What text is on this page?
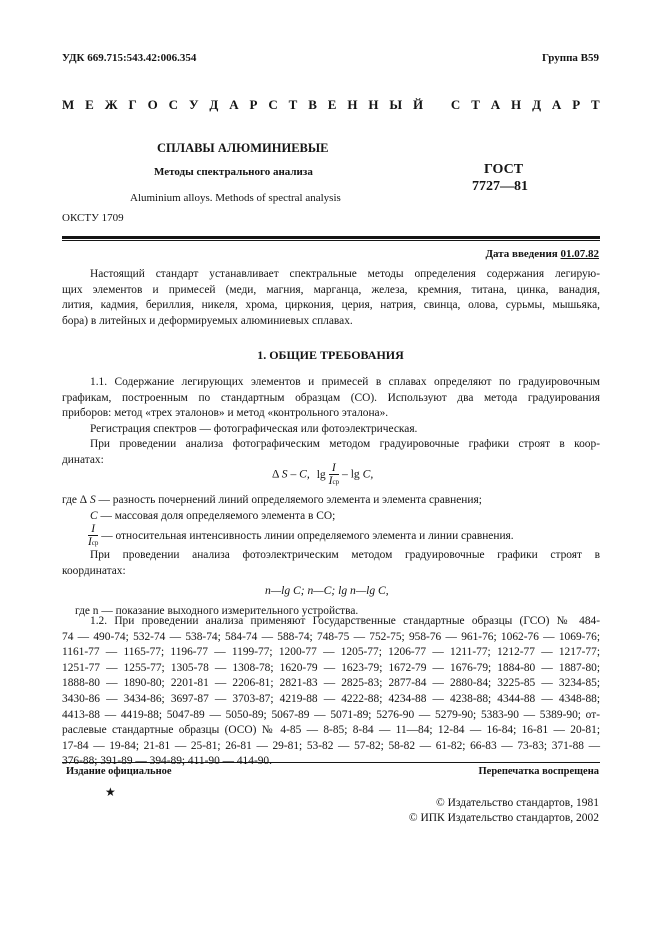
УДК 669.715:543.42:006.354	Группа В59
М Е Ж Г О С У Д А Р С Т В Е Н Н Ы Й С Т А Н Д А Р Т
СПЛАВЫ АЛЮМИНИЕВЫЕ
Методы спектрального анализа
Aluminium alloys. Methods of spectral analysis
ГОСТ
7727—81
ОКСТУ 1709
Дата введения 01.07.82
Настоящий стандарт устанавливает спектральные методы определения содержания легирую-
щих элементов и примесей (меди, магния, марганца, железа, кремния, титана, цинка, ванадия,
лития, кадмия, бериллия, никеля, хрома, циркония, церия, натрия, свинца, олова, сурьмы, мышьяка,
бора) в литейных и деформируемых алюминиевых сплавах.
1. ОБЩИЕ ТРЕБОВАНИЯ
1.1. Содержание легирующих элементов и примесей в сплавах определяют по градуировочным
графикам, построенным по стандартным образцам (СО). Используют два метода градуирования
приборов: метод «трех эталонов» и метод «контрольного эталона».
Регистрация спектров — фотографическая или фотоэлектрическая.
При проведении анализа фотографическим методом градуировочные графики строят в коор-
динатах:
Δ S – C, $\lg \frac{I}{\text{Iср}}$ – lg C,
где Δ S — разность почернений линий определяемого элемента и элемента сравнения;
C — массовая доля определяемого элемента в СО;
$\frac{I}{\text{Iср}}$ — относительная интенсивность линии определяемого элемента и линии сравнения.
При проведении анализа фотоэлектрическим методом градуировочные графики строят в
координатах:
n—lg C; n—C; lg n—lg C,
где n — показание выходного измерительного устройства.
1.2. При проведении анализа применяют Государственные стандартные образцы (ГСО) № 484-
74 — 490-74; 532-74 — 538-74; 584-74 — 588-74; 748-75 — 752-75; 958-76 — 961-76; 1062-76 — 1069-76;
1161-77 — 1165-77; 1196-77 — 1199-77; 1200-77 — 1205-77; 1206-77 — 1211-77; 1212-77 — 1217-77;
1251-77 — 1255-77; 1305-78 — 1308-78; 1620-79 — 1623-79; 1672-79 — 1676-79; 1884-80 — 1887-80;
1888-80 — 1890-80; 2201-81 — 2206-81; 2821-83 — 2825-83; 2877-84 — 2880-84; 3225-85 — 3234-85;
3430-86 — 3434-86; 3697-87 — 3703-87; 4219-88 — 4222-88; 4234-88 — 4238-88; 4344-88 — 4348-88;
4413-88 — 4419-88; 5047-89 — 5050-89; 5067-89 — 5071-89; 5276-90 — 5279-90; 5383-90 — 5389-90; от-
раслевые стандартные образцы (ОСО) № 4-85 — 8-85; 8-84 — 11—84; 12-84 — 16-84; 16-81 — 20-81;
17-84 — 19-84; 21-81 — 25-81; 26-81 — 29-81; 53-82 — 57-82; 58-82 — 61-82; 66-83 — 73-83; 371-88 —
Издание официальное	Перепечатка воспрещена
★
© Издательство стандартов, 1981
© ИПК Издательство стандартов, 2002
